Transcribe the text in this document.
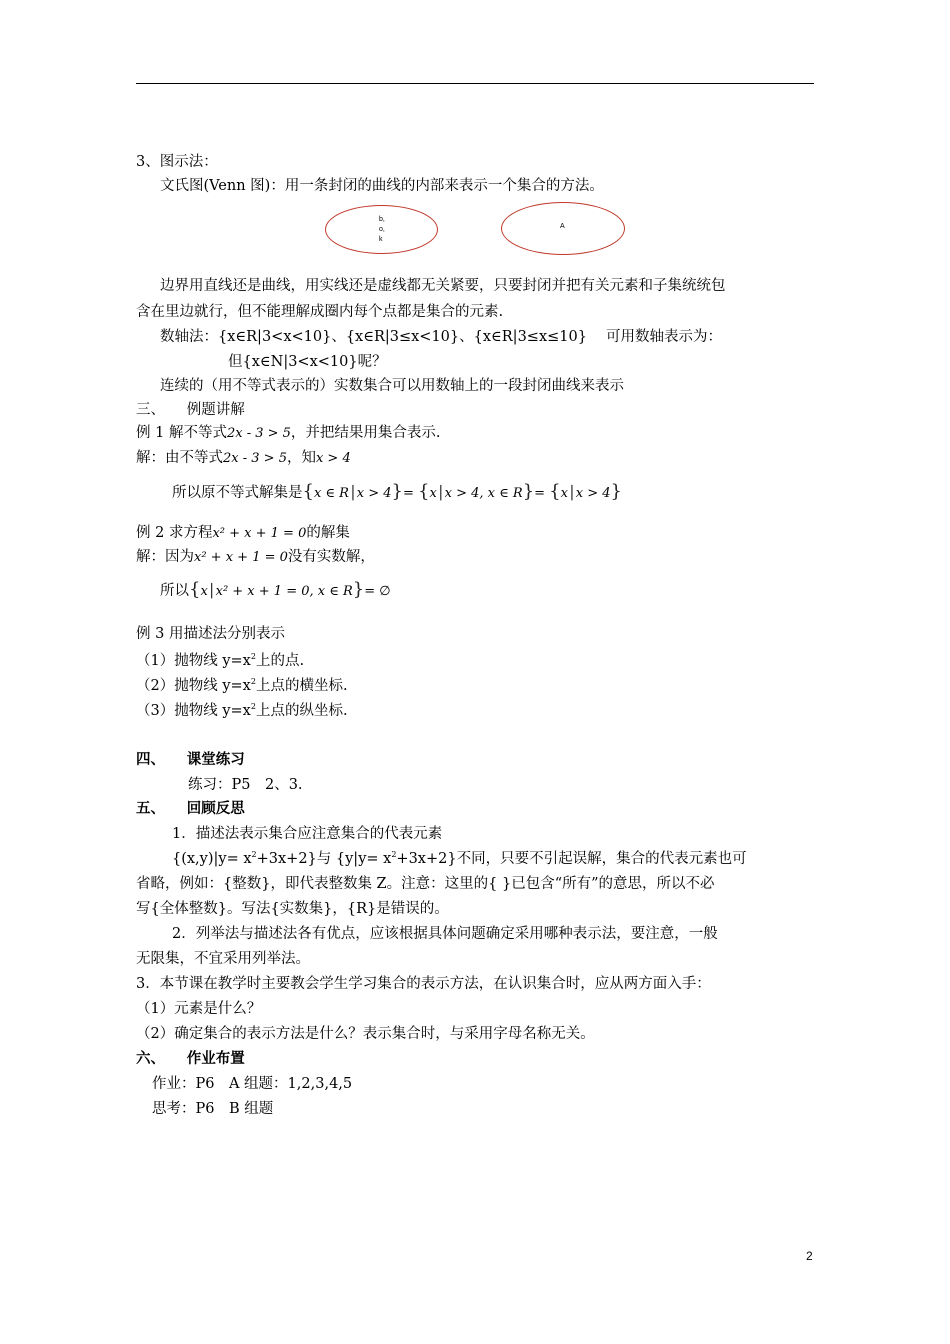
3、图示法：
文氏图(Venn 图)：用一条封闭的曲线的内部来表示一个集合的方法。
b,
o,
k
A
边界用直线还是曲线，用实线还是虚线都无关紧要，只要封闭并把有关元素和子集统统包
含在里边就行，但不能理解成圈内每个点都是集合的元素.
数轴法：{x∈R|3<x<10}、{x∈R|3≤x<10}、{x∈R|3≤x≤10}　 可用数轴表示为：
但{x∈N|3<x<10}呢？
连续的（用不等式表示的）实数集合可以用数轴上的一段封闭曲线来表示
三、　　例题讲解
例 1 解不等式2x - 3 > 5，并把结果用集合表示.
解：由不等式2x - 3 > 5，知x > 4
所以原不等式解集是{x ∈ R│x > 4}= {x│x > 4, x ∈ R}= {x│x > 4}
例 2 求方程x² + x + 1 = 0的解集
解：因为x² + x + 1 = 0没有实数解，
所以{x│x² + x + 1 = 0, x ∈ R}= ∅
例 3 用描述法分别表示
（1）抛物线 $y=x^2$上的点.
（2）抛物线 $y=x^2$上点的横坐标.
（3）抛物线 $y=x^2$上点的纵坐标.
四、　　课堂练习
练习：P5　2、3.
五、　　回顾反思
1．描述法表示集合应注意集合的代表元素
$\{(x,y)|y= x^2+3x+2\}$与 $\{y|y= x^2+3x+2\}$不同，只要不引起误解，集合的代表元素也可
省略，例如：{整数}，即代表整数集 Z。注意：这里的{ }已包含“所有”的意思，所以不必
写{全体整数}。写法{实数集}，{R}是错误的。
2．列举法与描述法各有优点，应该根据具体问题确定采用哪种表示法，要注意，一般
无限集，不宜采用列举法。
3．本节课在教学时主要教会学生学习集合的表示方法，在认识集合时，应从两方面入手：
（1）元素是什么？
（2）确定集合的表示方法是什么？表示集合时，与采用字母名称无关。
六、　　作业布置
作业：P6　A 组题：1,2,3,4,5
思考：P6　B 组题
2
